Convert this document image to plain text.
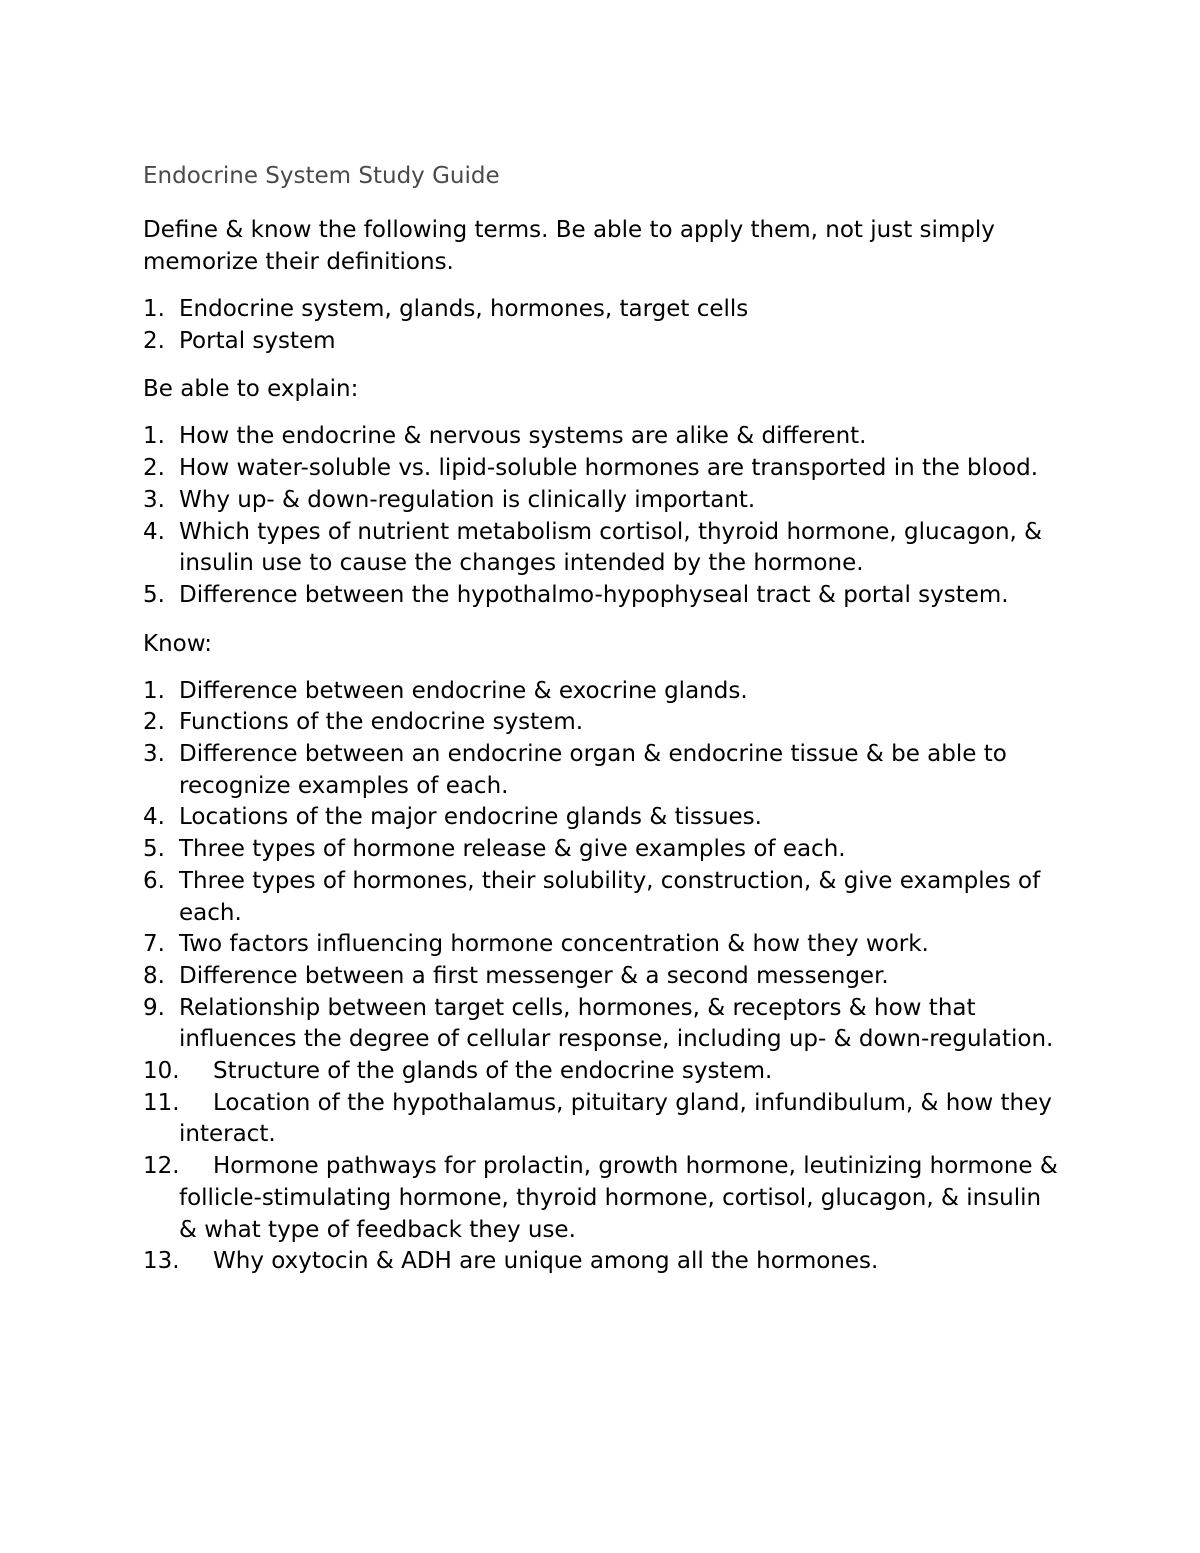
Endocrine System Study Guide

Define & know the following terms. Be able to apply them, not just simply memorize their definitions.

1. Endocrine system, glands, hormones, target cells
2. Portal system

Be able to explain:

1. How the endocrine & nervous systems are alike & different.
2. How water-soluble vs. lipid-soluble hormones are transported in the blood.
3. Why up- & down-regulation is clinically important.
4. Which types of nutrient metabolism cortisol, thyroid hormone, glucagon, & insulin use to cause the changes intended by the hormone.
5. Difference between the hypothalmo-hypophyseal tract & portal system.

Know:

1. Difference between endocrine & exocrine glands.
2. Functions of the endocrine system.
3. Difference between an endocrine organ & endocrine tissue & be able to recognize examples of each.
4. Locations of the major endocrine glands & tissues.
5. Three types of hormone release & give examples of each.
6. Three types of hormones, their solubility, construction, & give examples of each.
7. Two factors influencing hormone concentration & how they work.
8. Difference between a first messenger & a second messenger.
9. Relationship between target cells, hormones, & receptors & how that influences the degree of cellular response, including up- & down-regulation.
10. Structure of the glands of the endocrine system.
11. Location of the hypothalamus, pituitary gland, infundibulum, & how they interact.
12. Hormone pathways for prolactin, growth hormone, leutinizing hormone & follicle-stimulating hormone, thyroid hormone, cortisol, glucagon, & insulin & what type of feedback they use.
13. Why oxytocin & ADH are unique among all the hormones.
